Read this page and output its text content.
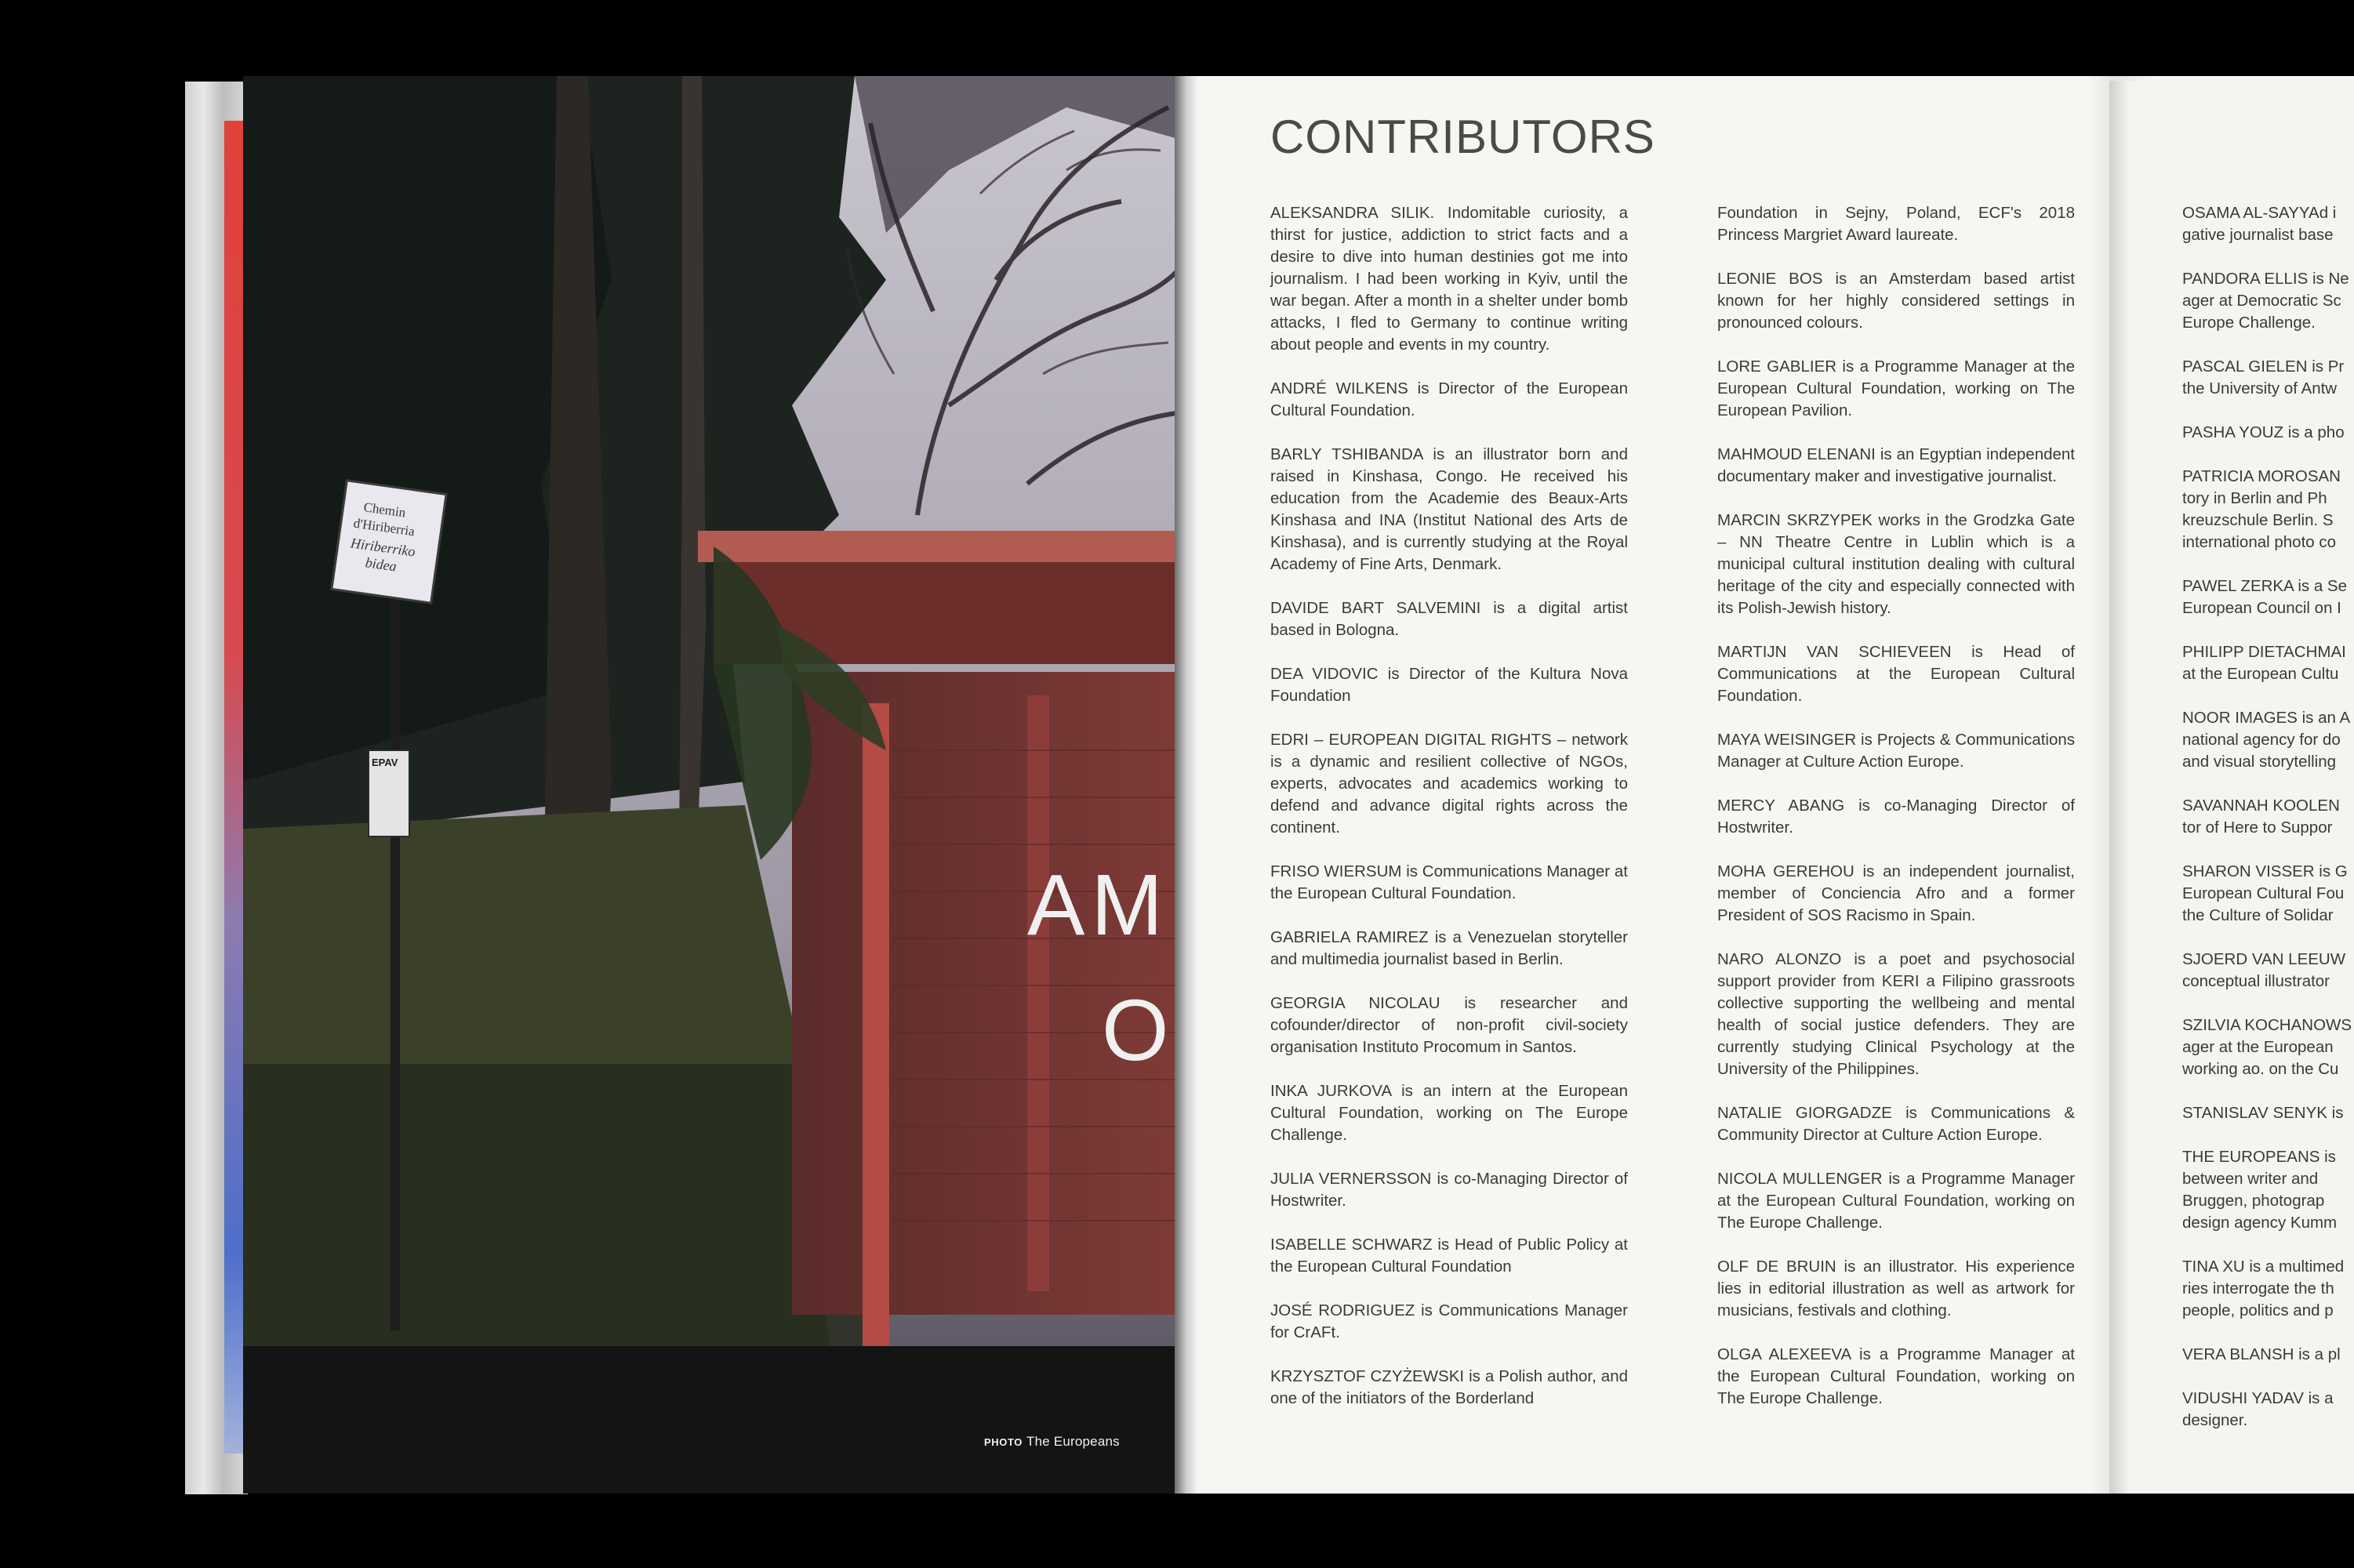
Chemin
d'Hiriberria
Hiriberriko
bidea
EPAV
AM
O
PHOTO The Europeans
CONTRIBUTORS

ALEKSANDRA SILIK. Indomitable curiosity, a thirst for justice, addiction to strict facts and a desire to dive into human destinies got me into journalism. I had been working in Kyiv, until the war began. After a month in a shelter under bomb attacks, I fled to Germany to continue writing about people and events in my country.

ANDRÉ WILKENS is Director of the European Cultural Foundation.

BARLY TSHIBANDA is an illustrator born and raised in Kinshasa, Congo. He received his education from the Academie des Beaux-Arts Kinshasa and INA (Institut National des Arts de Kinshasa), and is currently studying at the Royal Academy of Fine Arts, Denmark.

DAVIDE BART SALVEMINI is a digital artist based in Bologna.

DEA VIDOVIC is Director of the Kultura Nova Foundation

EDRI – EUROPEAN DIGITAL RIGHTS – network is a dynamic and resilient collective of NGOs, experts, advocates and academics working to defend and advance digital rights across the continent.

FRISO WIERSUM is Communications Manager at the European Cultural Foundation.

GABRIELA RAMIREZ is a Venezuelan storyteller and multimedia journalist based in Berlin.

GEORGIA NICOLAU is researcher and cofounder/director of non-profit civil-society organisation Instituto Procomum in Santos.

INKA JURKOVA is an intern at the European Cultural Foundation, working on The Europe Challenge.

JULIA VERNERSSON is co-Managing Director of Hostwriter.

ISABELLE SCHWARZ is Head of Public Policy at the European Cultural Foundation

JOSÉ RODRIGUEZ is Communications Manager for CrAFt.

KRZYSZTOF CZYŻEWSKI is a Polish author, and one of the initiators of the Borderland

Foundation in Sejny, Poland, ECF's 2018 Princess Margriet Award laureate.

LEONIE BOS is an Amsterdam based artist known for her highly considered settings in pronounced colours.

LORE GABLIER is a Programme Manager at the European Cultural Foundation, working on The European Pavilion.

MAHMOUD ELENANI is an Egyptian independent documentary maker and investigative journalist.

MARCIN SKRZYPEK works in the Grodzka Gate – NN Theatre Centre in Lublin which is a municipal cultural institution dealing with cultural heritage of the city and especially connected with its Polish-Jewish history.

MARTIJN VAN SCHIEVEEN is Head of Communications at the European Cultural Foundation.

MAYA WEISINGER is Projects & Communications Manager at Culture Action Europe.

MERCY ABANG is co-Managing Director of Hostwriter.

MOHA GEREHOU is an independent journalist, member of Conciencia Afro and a former President of SOS Racismo in Spain.

NARO ALONZO is a poet and psychosocial support provider from KERI a Filipino grassroots collective supporting the wellbeing and mental health of social justice defenders. They are currently studying Clinical Psychology at the University of the Philippines.

NATALIE GIORGADZE is Communications & Community Director at Culture Action Europe.

NICOLA MULLENGER is a Programme Manager at the European Cultural Foundation, working on The Europe Challenge.

OLF DE BRUIN is an illustrator. His experience lies in editorial illustration as well as artwork for musicians, festivals and clothing.

OLGA ALEXEEVA is a Programme Manager at the European Cultural Foundation, working on The Europe Challenge.

OSAMA AL-SAYYAd i
gative journalist base

PANDORA ELLIS is Ne
ager at Democratic Sc
Europe Challenge.

PASCAL GIELEN is Pr
the University of Antw

PASHA YOUZ is a pho

PATRICIA MOROSAN
tory in Berlin and Ph
kreuzschule Berlin. S
international photo co

PAWEL ZERKA is a Se
European Council on I

PHILIPP DIETACHMAI
at the European Cultu

NOOR IMAGES is an A
national agency for do
and visual storytelling

SAVANNAH KOOLEN
tor of Here to Suppor

SHARON VISSER is G
European Cultural Fou
the Culture of Solidar

SJOERD VAN LEEUW
conceptual illustrator

SZILVIA KOCHANOWS
ager at the European
working ao. on the Cu

STANISLAV SENYK is

THE EUROPEANS is
between writer and
Bruggen, photograp
design agency Kumm

TINA XU is a multimed
ries interrogate the th
people, politics and p

VERA BLANSH is a pl

VIDUSHI YADAV is a
designer.
